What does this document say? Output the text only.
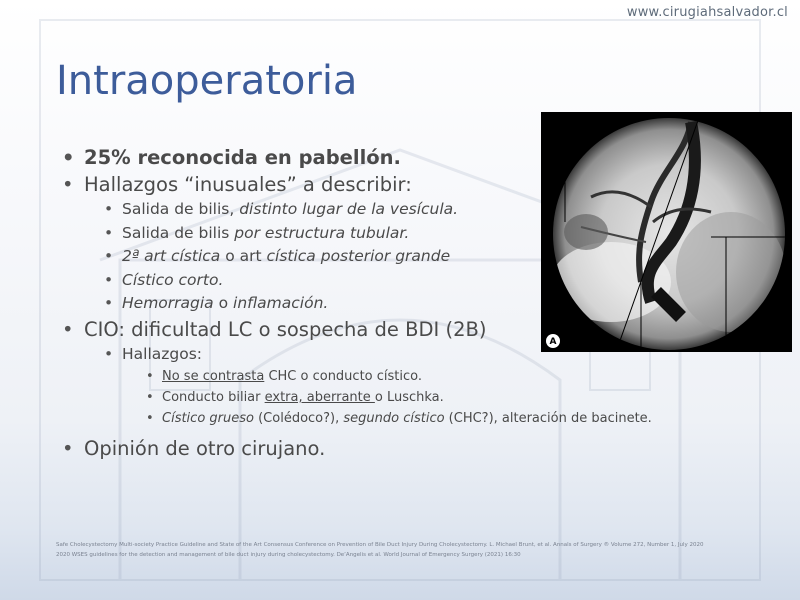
www.cirugiahsalvador.cl
Intraoperatoria
• 25% reconocida en pabellón.
• Hallazgos “inusuales” a describir:
• Salida de bilis, distinto lugar de la vesícula.
• Salida de bilis por estructura tubular.
• 2ª art cística o art cística posterior grande
• Cístico corto.
• Hemorragia o inflamación.
• CIO: dificultad LC o sospecha de BDI (2B)
• Hallazgos:
• No se contrasta CHC o conducto cístico.
• Conducto biliar extra, aberrante o Luschka.
• Cístico grueso (Colédoco?), segundo cístico (CHC?), alteración de bacinete.
• Opinión de otro cirujano.
A
Safe Cholecystectomy Multi-society Practice Guideline and State of the Art Consensus Conference on Prevention of Bile Duct Injury During Cholecystectomy. L. Michael Brunt, et al. Annals of Surgery ® Volume 272, Number 1, July 2020
2020 WSES guidelines for the detection and management of bile duct injury during cholecystectomy. De’Angelis et al. World Journal of Emergency Surgery (2021) 16:30
